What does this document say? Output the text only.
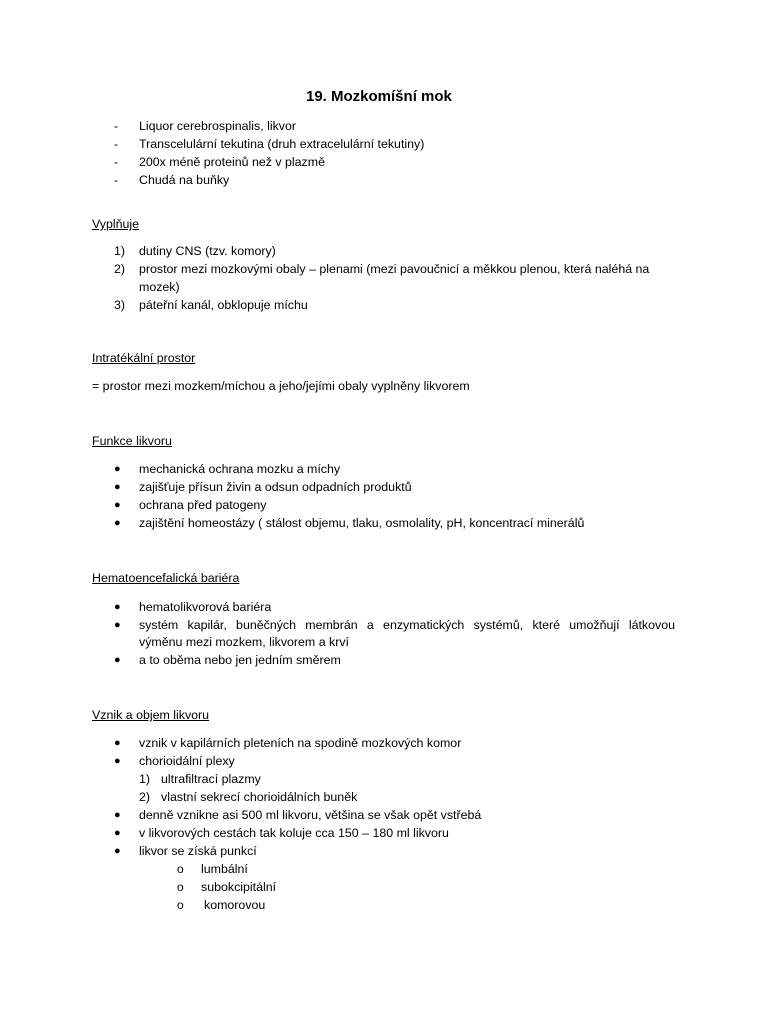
19. Mozkomíšní mok
- Liquor cerebrospinalis, likvor
- Transcelulární tekutina (druh extracelulární tekutiny)
- 200x méně proteinů než v plazmě
- Chudá na buňky
Vyplňuje
1) dutiny CNS (tzv. komory)
2) prostor mezi mozkovými obaly – plenami (mezi pavoučnicí a měkkou plenou, která naléhá na
mozek)
3) páteřní kanál, obklopuje míchu
Intratékální prostor
= prostor mezi mozkem/míchou a jeho/jejími obaly vyplněny likvorem
Funkce likvoru
● mechanická ochrana mozku a míchy
● zajišťuje přísun živin a odsun odpadních produktů
● ochrana před patogeny
● zajištění homeostázy ( stálost objemu, tlaku, osmolality, pH, koncentrací minerálů
Hematoencefalická bariéra
● hematolikvorová bariéra
● systém kapilár, buněčných membrán a enzymatických systémů, které umožňují látkovou
výměnu mezi mozkem, likvorem a krví
● a to oběma nebo jen jedním směrem
Vznik a objem likvoru
● vznik v kapilárních pleteních na spodině mozkových komor
● chorioidální plexy
1) ultrafiltrací plazmy
2) vlastní sekrecí chorioidálních buněk
● denně vznikne asi 500 ml likvoru, většina se však opět vstřebá
● v likvorových cestách tak koluje cca 150 – 180 ml likvoru
● likvor se získá punkcí
o lumbální
o subokcipitální
o komorovou
